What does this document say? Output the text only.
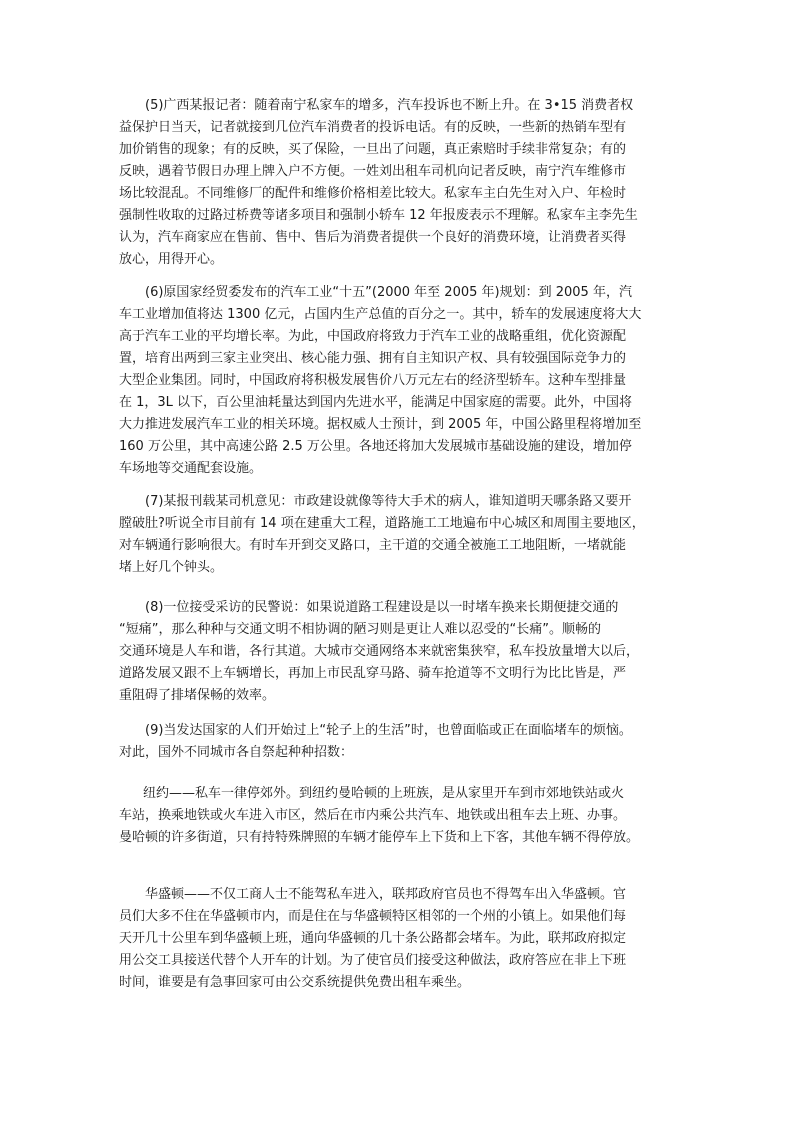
(5)广西某报记者：随着南宁私家车的增多，汽车投诉也不断上升。在 3•15 消费者权
益保护日当天，记者就接到几位汽车消费者的投诉电话。有的反映，一些新的热销车型有
加价销售的现象；有的反映，买了保险，一旦出了问题，真正索赔时手续非常复杂；有的
反映，遇着节假日办理上牌入户不方便。一姓刘出租车司机向记者反映，南宁汽车维修市
场比较混乱。不同维修厂的配件和维修价格相差比较大。私家车主白先生对入户、年检时
强制性收取的过路过桥费等诸多项目和强制小轿车 12 年报废表示不理解。私家车主李先生
认为，汽车商家应在售前、售中、售后为消费者提供一个良好的消费环境，让消费者买得
放心，用得开心。
(6)原国家经贸委发布的汽车工业“十五”(2000 年至 2005 年)规划：到 2005 年，汽
车工业增加值将达 1300 亿元，占国内生产总值的百分之一。其中，轿车的发展速度将大大
高于汽车工业的平均增长率。为此，中国政府将致力于汽车工业的战略重组，优化资源配
置，培育出两到三家主业突出、核心能力强、拥有自主知识产权、具有较强国际竞争力的
大型企业集团。同时，中国政府将积极发展售价八万元左右的经济型轿车。这种车型排量
在 1，3L 以下，百公里油耗量达到国内先进水平，能满足中国家庭的需要。此外，中国将
大力推进发展汽车工业的相关环境。据权威人士预计，到 2005 年，中国公路里程将增加至
160 万公里，其中高速公路 2.5 万公里。各地还将加大发展城市基础设施的建设，增加停
车场地等交通配套设施。
(7)某报刊载某司机意见：市政建设就像等待大手术的病人，谁知道明天哪条路又要开
膛破肚?听说全市目前有 14 项在建重大工程，道路施工工地遍布中心城区和周围主要地区，
对车辆通行影响很大。有时车开到交叉路口，主干道的交通全被施工工地阻断，一堵就能
堵上好几个钟头。
(8)一位接受采访的民警说：如果说道路工程建设是以一时堵车换来长期便捷交通的
“短痛”，那么种种与交通文明不相协调的陋习则是更让人难以忍受的“长痛”。顺畅的
交通环境是人车和谐，各行其道。大城市交通网络本来就密集狭窄，私车投放量增大以后，
道路发展又跟不上车辆增长，再加上市民乱穿马路、骑车抢道等不文明行为比比皆是，严
重阻碍了排堵保畅的效率。
(9)当发达国家的人们开始过上“轮子上的生活”时，也曾面临或正在面临堵车的烦恼。
对此，国外不同城市各自祭起种种招数：
纽约——私车一律停郊外。到纽约曼哈顿的上班族，是从家里开车到市郊地铁站或火
车站，换乘地铁或火车进入市区，然后在市内乘公共汽车、地铁或出租车去上班、办事。
曼哈顿的许多街道，只有持特殊牌照的车辆才能停车上下货和上下客，其他车辆不得停放。
华盛顿——不仅工商人士不能驾私车进入，联邦政府官员也不得驾车出入华盛顿。官
员们大多不住在华盛顿市内，而是住在与华盛顿特区相邻的一个州的小镇上。如果他们每
天开几十公里车到华盛顿上班，通向华盛顿的几十条公路都会堵车。为此，联邦政府拟定
用公交工具接送代替个人开车的计划。为了使官员们接受这种做法，政府答应在非上下班
时间，谁要是有急事回家可由公交系统提供免费出租车乘坐。
